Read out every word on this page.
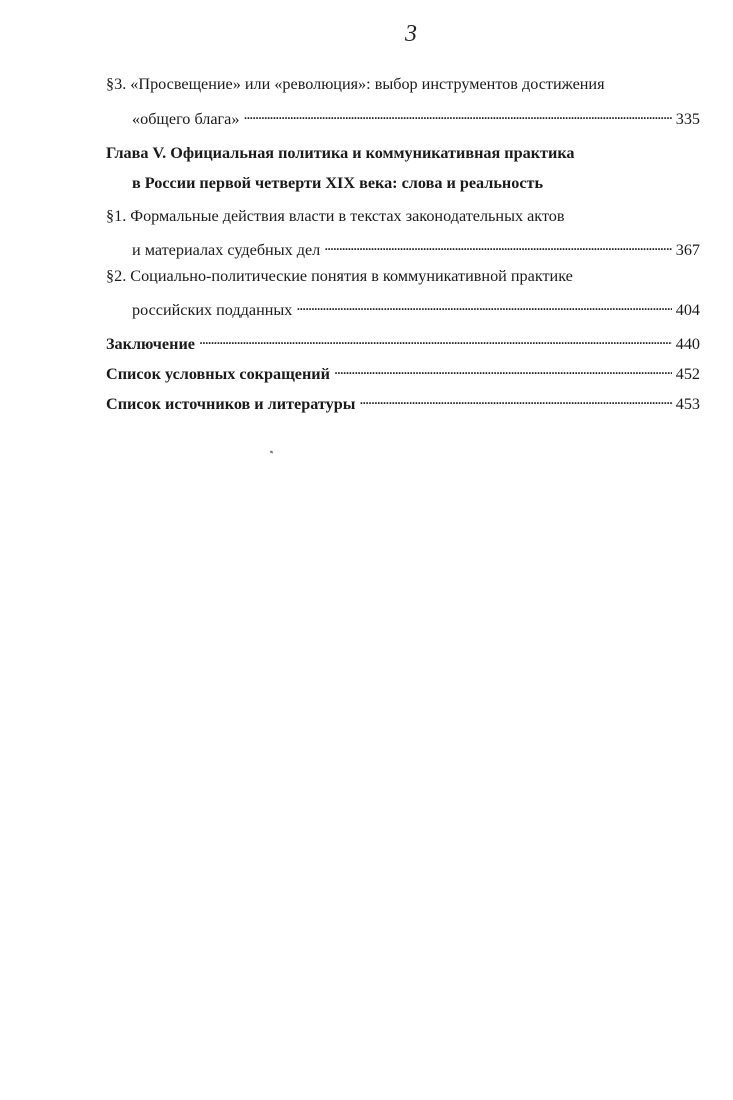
3
§3. «Просвещение» или «революция»: выбор инструментов достижения
«общего блага» . . .	335
Глава V. Официальная политика и коммуникативная практика
в России первой четверти XIX века: слова и реальность
§1. Формальные действия власти в текстах законодательных актов
и материалах судебных дел . . .	367
§2. Социально-политические понятия в коммуникативной практике
российских подданных . . .	404
Заключение . . .	440
Список условных сокращений . . .	452
Список источников и литературы . . .	453
